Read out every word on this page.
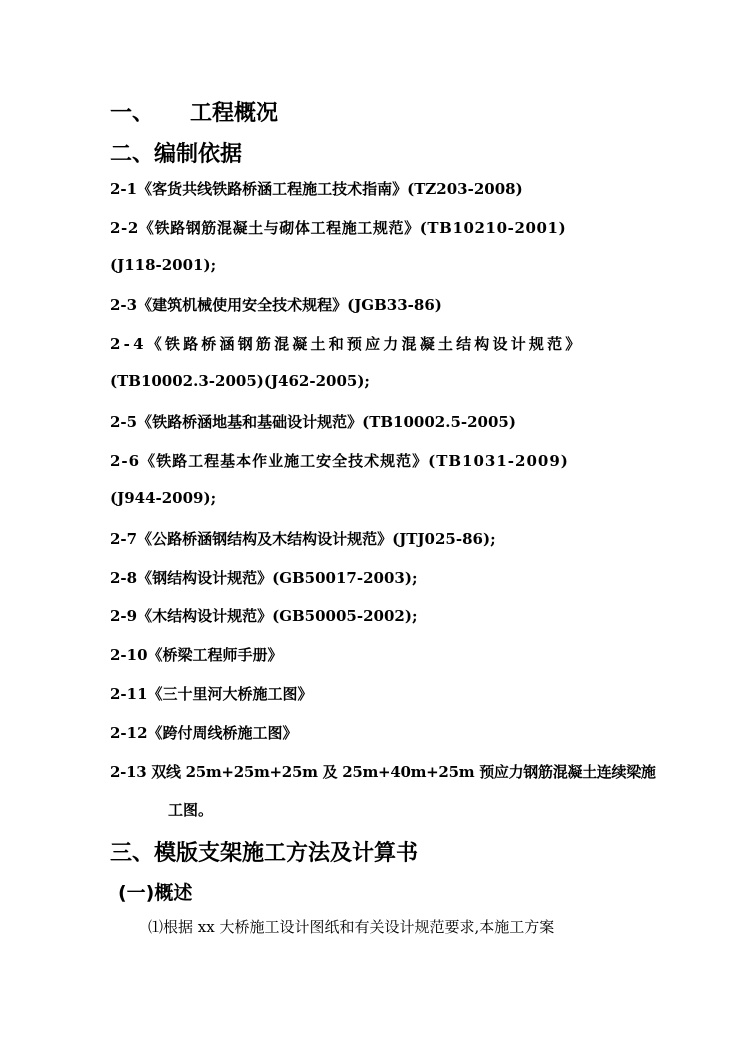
一、 工程概况
二、编制依据
2-1《客货共线铁路桥涵工程施工技术指南》(TZ203-2008)
2-2《铁路钢筋混凝土与砌体工程施工规范》(TB10210-2001)
(J118-2001);
2-3《建筑机械使用安全技术规程》(JGB33-86)
2-4《铁路桥涵钢筋混凝土和预应力混凝土结构设计规范》
(TB10002.3-2005)(J462-2005);
2-5《铁路桥涵地基和基础设计规范》(TB10002.5-2005)
2-6《铁路工程基本作业施工安全技术规范》(TB1031-2009)
(J944-2009);
2-7《公路桥涵钢结构及木结构设计规范》(JTJ025-86);
2-8《钢结构设计规范》(GB50017-2003);
2-9《木结构设计规范》(GB50005-2002);
2-10《桥梁工程师手册》
2-11《三十里河大桥施工图》
2-12《跨付周线桥施工图》
2-13 双线 25m+25m+25m 及 25m+40m+25m 预应力钢筋混凝土连续梁施
工图。
三、模版支架施工方法及计算书
(一)概述
⑴根据 xx 大桥施工设计图纸和有关设计规范要求,本施工方案
